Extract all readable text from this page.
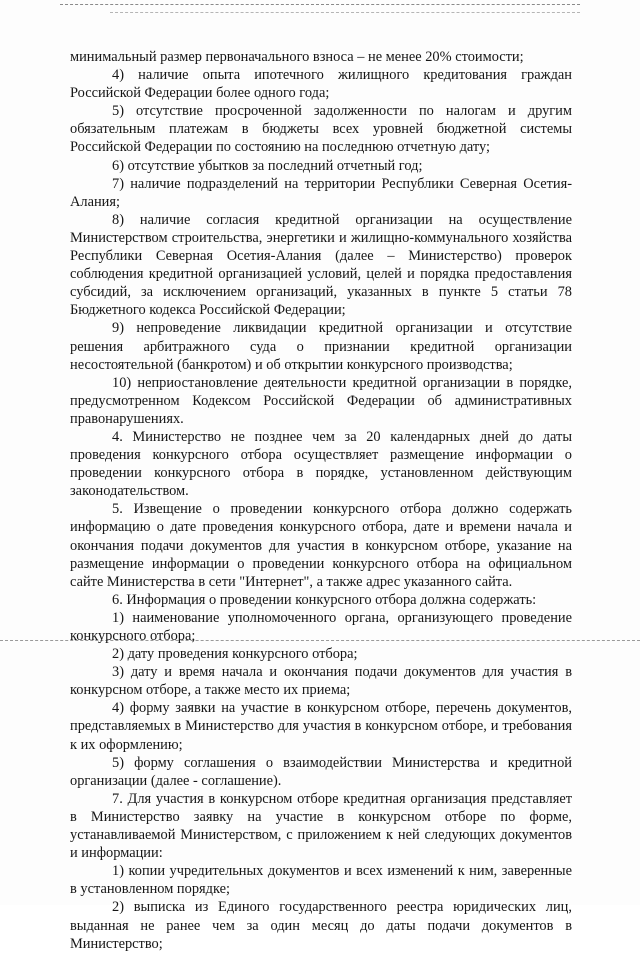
минимальный размер первоначального взноса – не менее 20% стоимости;

4) наличие опыта ипотечного жилищного кредитования граждан Российской Федерации более одного года;

5) отсутствие просроченной задолженности по налогам и другим обязательным платежам в бюджеты всех уровней бюджетной системы Российской Федерации по состоянию на последнюю отчетную дату;

6) отсутствие убытков за последний отчетный год;

7) наличие подразделений на территории Республики Северная Осетия-Алания;

8) наличие согласия кредитной организации на осуществление Министерством строительства, энергетики и жилищно-коммунального хозяйства Республики Северная Осетия-Алания (далее – Министерство) проверок соблюдения кредитной организацией условий, целей и порядка предоставления субсидий, за исключением организаций, указанных в пункте 5 статьи 78 Бюджетного кодекса Российской Федерации;

9) непроведение ликвидации кредитной организации и отсутствие решения арбитражного суда о признании кредитной организации несостоятельной (банкротом) и об открытии конкурсного производства;

10) неприостановление деятельности кредитной организации в порядке, предусмотренном Кодексом Российской Федерации об административных правонарушениях.

4. Министерство не позднее чем за 20 календарных дней до даты проведения конкурсного отбора осуществляет размещение информации о проведении конкурсного отбора в порядке, установленном действующим законодательством.

5. Извещение о проведении конкурсного отбора должно содержать информацию о дате проведения конкурсного отбора, дате и времени начала и окончания подачи документов для участия в конкурсном отборе, указание на размещение информации о проведении конкурсного отбора на официальном сайте Министерства в сети "Интернет", а также адрес указанного сайта.

6. Информация о проведении конкурсного отбора должна содержать:

1) наименование уполномоченного органа, организующего проведение конкурсного отбора;

2) дату проведения конкурсного отбора;

3) дату и время начала и окончания подачи документов для участия в конкурсном отборе, а также место их приема;

4) форму заявки на участие в конкурсном отборе, перечень документов, представляемых в Министерство для участия в конкурсном отборе, и требования к их оформлению;

5) форму соглашения о взаимодействии Министерства и кредитной организации (далее - соглашение).

7. Для участия в конкурсном отборе кредитная организация представляет в Министерство заявку на участие в конкурсном отборе по форме, устанавливаемой Министерством, с приложением к ней следующих документов и информации:

1) копии учредительных документов и всех изменений к ним, заверенные в установленном порядке;

2) выписка из Единого государственного реестра юридических лиц, выданная не ранее чем за один месяц до даты подачи документов в Министерство;
